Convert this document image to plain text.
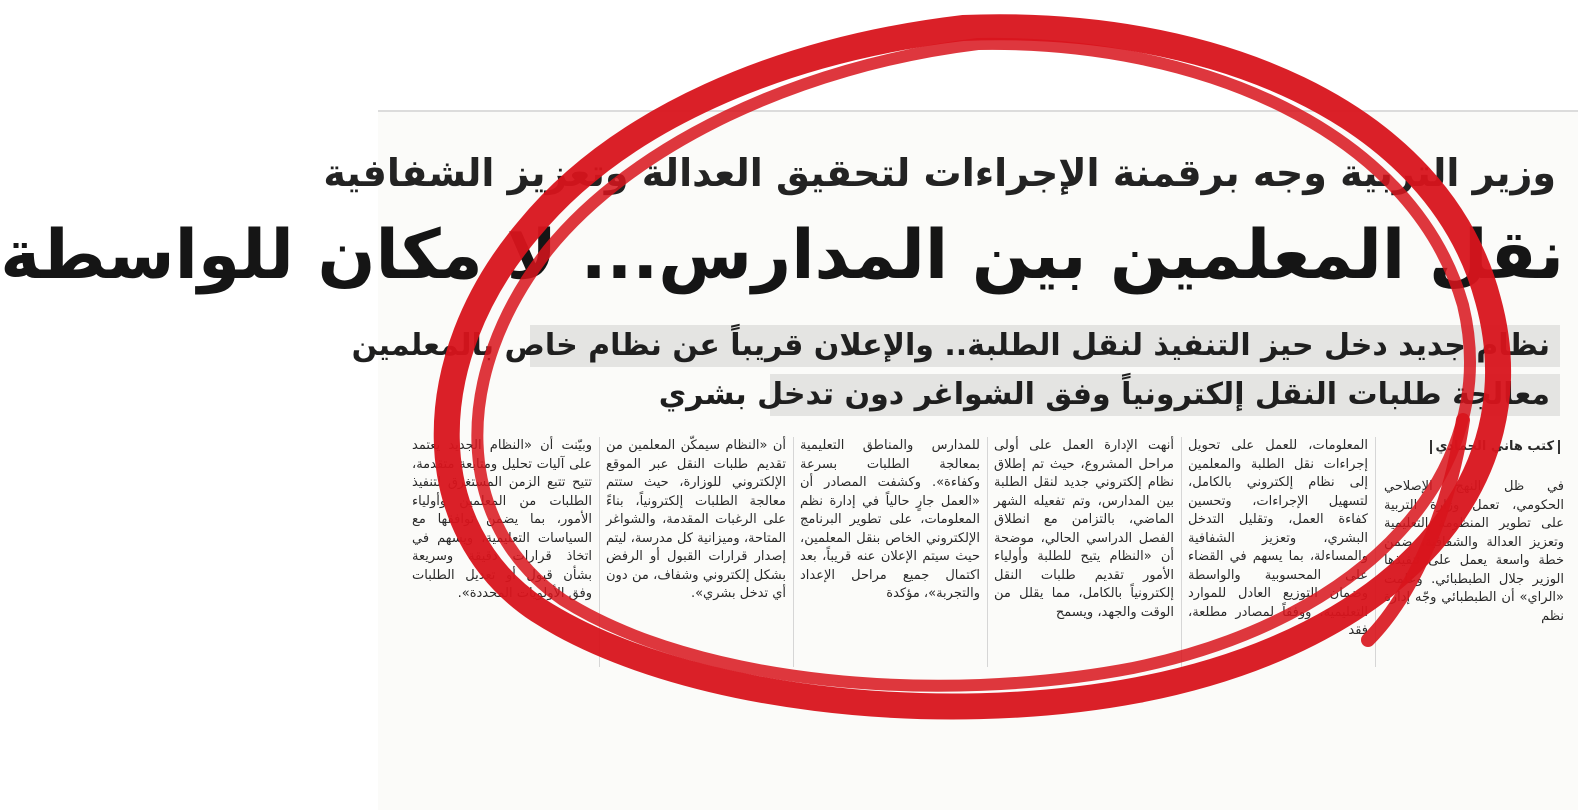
وزير التربية وجه برقمنة الإجراءات لتحقيق العدالة وتعزيز الشفافية
نقل المعلمين بين المدارس... لا مكان للواسطة
نظام جديد دخل حيز التنفيذ لنقل الطلبة.. والإعلان قريباً عن نظام خاص بالمعلمين
معالجة طلبات النقل إلكترونياً وفق الشواغر دون تدخل بشري
كتب هاني الحمادي
في ظل النهج الإصلاحي الحكومي، تعمل وزارة التربية على تطوير المنظومة التعليمية وتعزيز العدالة والشفافية، ضمن خطة واسعة يعمل على تنفيذها الوزير جلال الطبطبائي. وعلمت «الراي» أن الطبطبائي وجّه إدارة نظم
المعلومات، للعمل على تحويل إجراءات نقل الطلبة والمعلمين إلى نظام إلكتروني بالكامل، لتسهيل الإجراءات، وتحسين كفاءة العمل، وتقليل التدخل البشري، وتعزيز الشفافية والمساءلة، بما يسهم في القضاء على المحسوبية والواسطة وضمان التوزيع العادل للموارد التعليمية. ووفقاً لمصادر مطلعة، فقد
أنهت الإدارة العمل على أولى مراحل المشروع، حيث تم إطلاق نظام إلكتروني جديد لنقل الطلبة بين المدارس، وتم تفعيله الشهر الماضي، بالتزامن مع انطلاق الفصل الدراسي الحالي، موضحة أن «النظام يتيح للطلبة وأولياء الأمور تقديم طلبات النقل إلكترونياً بالكامل، مما يقلل من الوقت والجهد، ويسمح
للمدارس والمناطق التعليمية بمعالجة الطلبات بسرعة وكفاءة». وكشفت المصادر أن «العمل جارٍ حالياً في إدارة نظم المعلومات، على تطوير البرنامج الإلكتروني الخاص بنقل المعلمين، حيث سيتم الإعلان عنه قريباً، بعد اكتمال جميع مراحل الإعداد والتجربة»، مؤكدة
أن «النظام سيمكّن المعلمين من تقديم طلبات النقل عبر الموقع الإلكتروني للوزارة، حيث ستتم معالجة الطلبات إلكترونياً، بناءً على الرغبات المقدمة، والشواغر المتاحة، وميزانية كل مدرسة، ليتم إصدار قرارات القبول أو الرفض بشكل إلكتروني وشفاف، من دون أي تدخل بشري».
وبيّنت أن «النظام الجديد يعتمد على آليات تحليل ومتابعة متقدمة، تتيح تتبع الزمن المستغرق لتنفيذ الطلبات من المعلمين وأولياء الأمور، بما يضمن توافقها مع السياسات التعليمية، ويسهم في اتخاذ قرارات دقيقة وسريعة بشأن قبول أو تعديل الطلبات وفق الأولويات المحددة».
